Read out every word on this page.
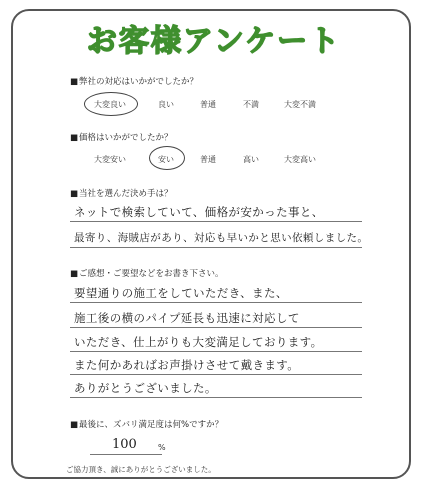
お客様アンケート
■ 弊社の対応はいかがでしたか？
大変良い	良い	普通	不満	大変不満
■ 価格はいかがでしたか？
大変安い	安い	普通	高い	大変高い
■ 当社を選んだ決め手は？
ネットで検索していて、価格が安かった事と、
最寄り、海賊店があり、対応も早いかと思い依頼しました。
■ ご感想・ご要望などをお書き下さい。
要望通りの施工をしていただき、また、
施工後の横のパイプ延長も迅速に対応して
いただき、仕上がりも大変満足しております。
また何かあればお声掛けさせて戴きます。
ありがとうございました。
■ 最後に、ズバリ満足度は何%ですか？
100	%
ご協力頂き、誠にありがとうございました。
